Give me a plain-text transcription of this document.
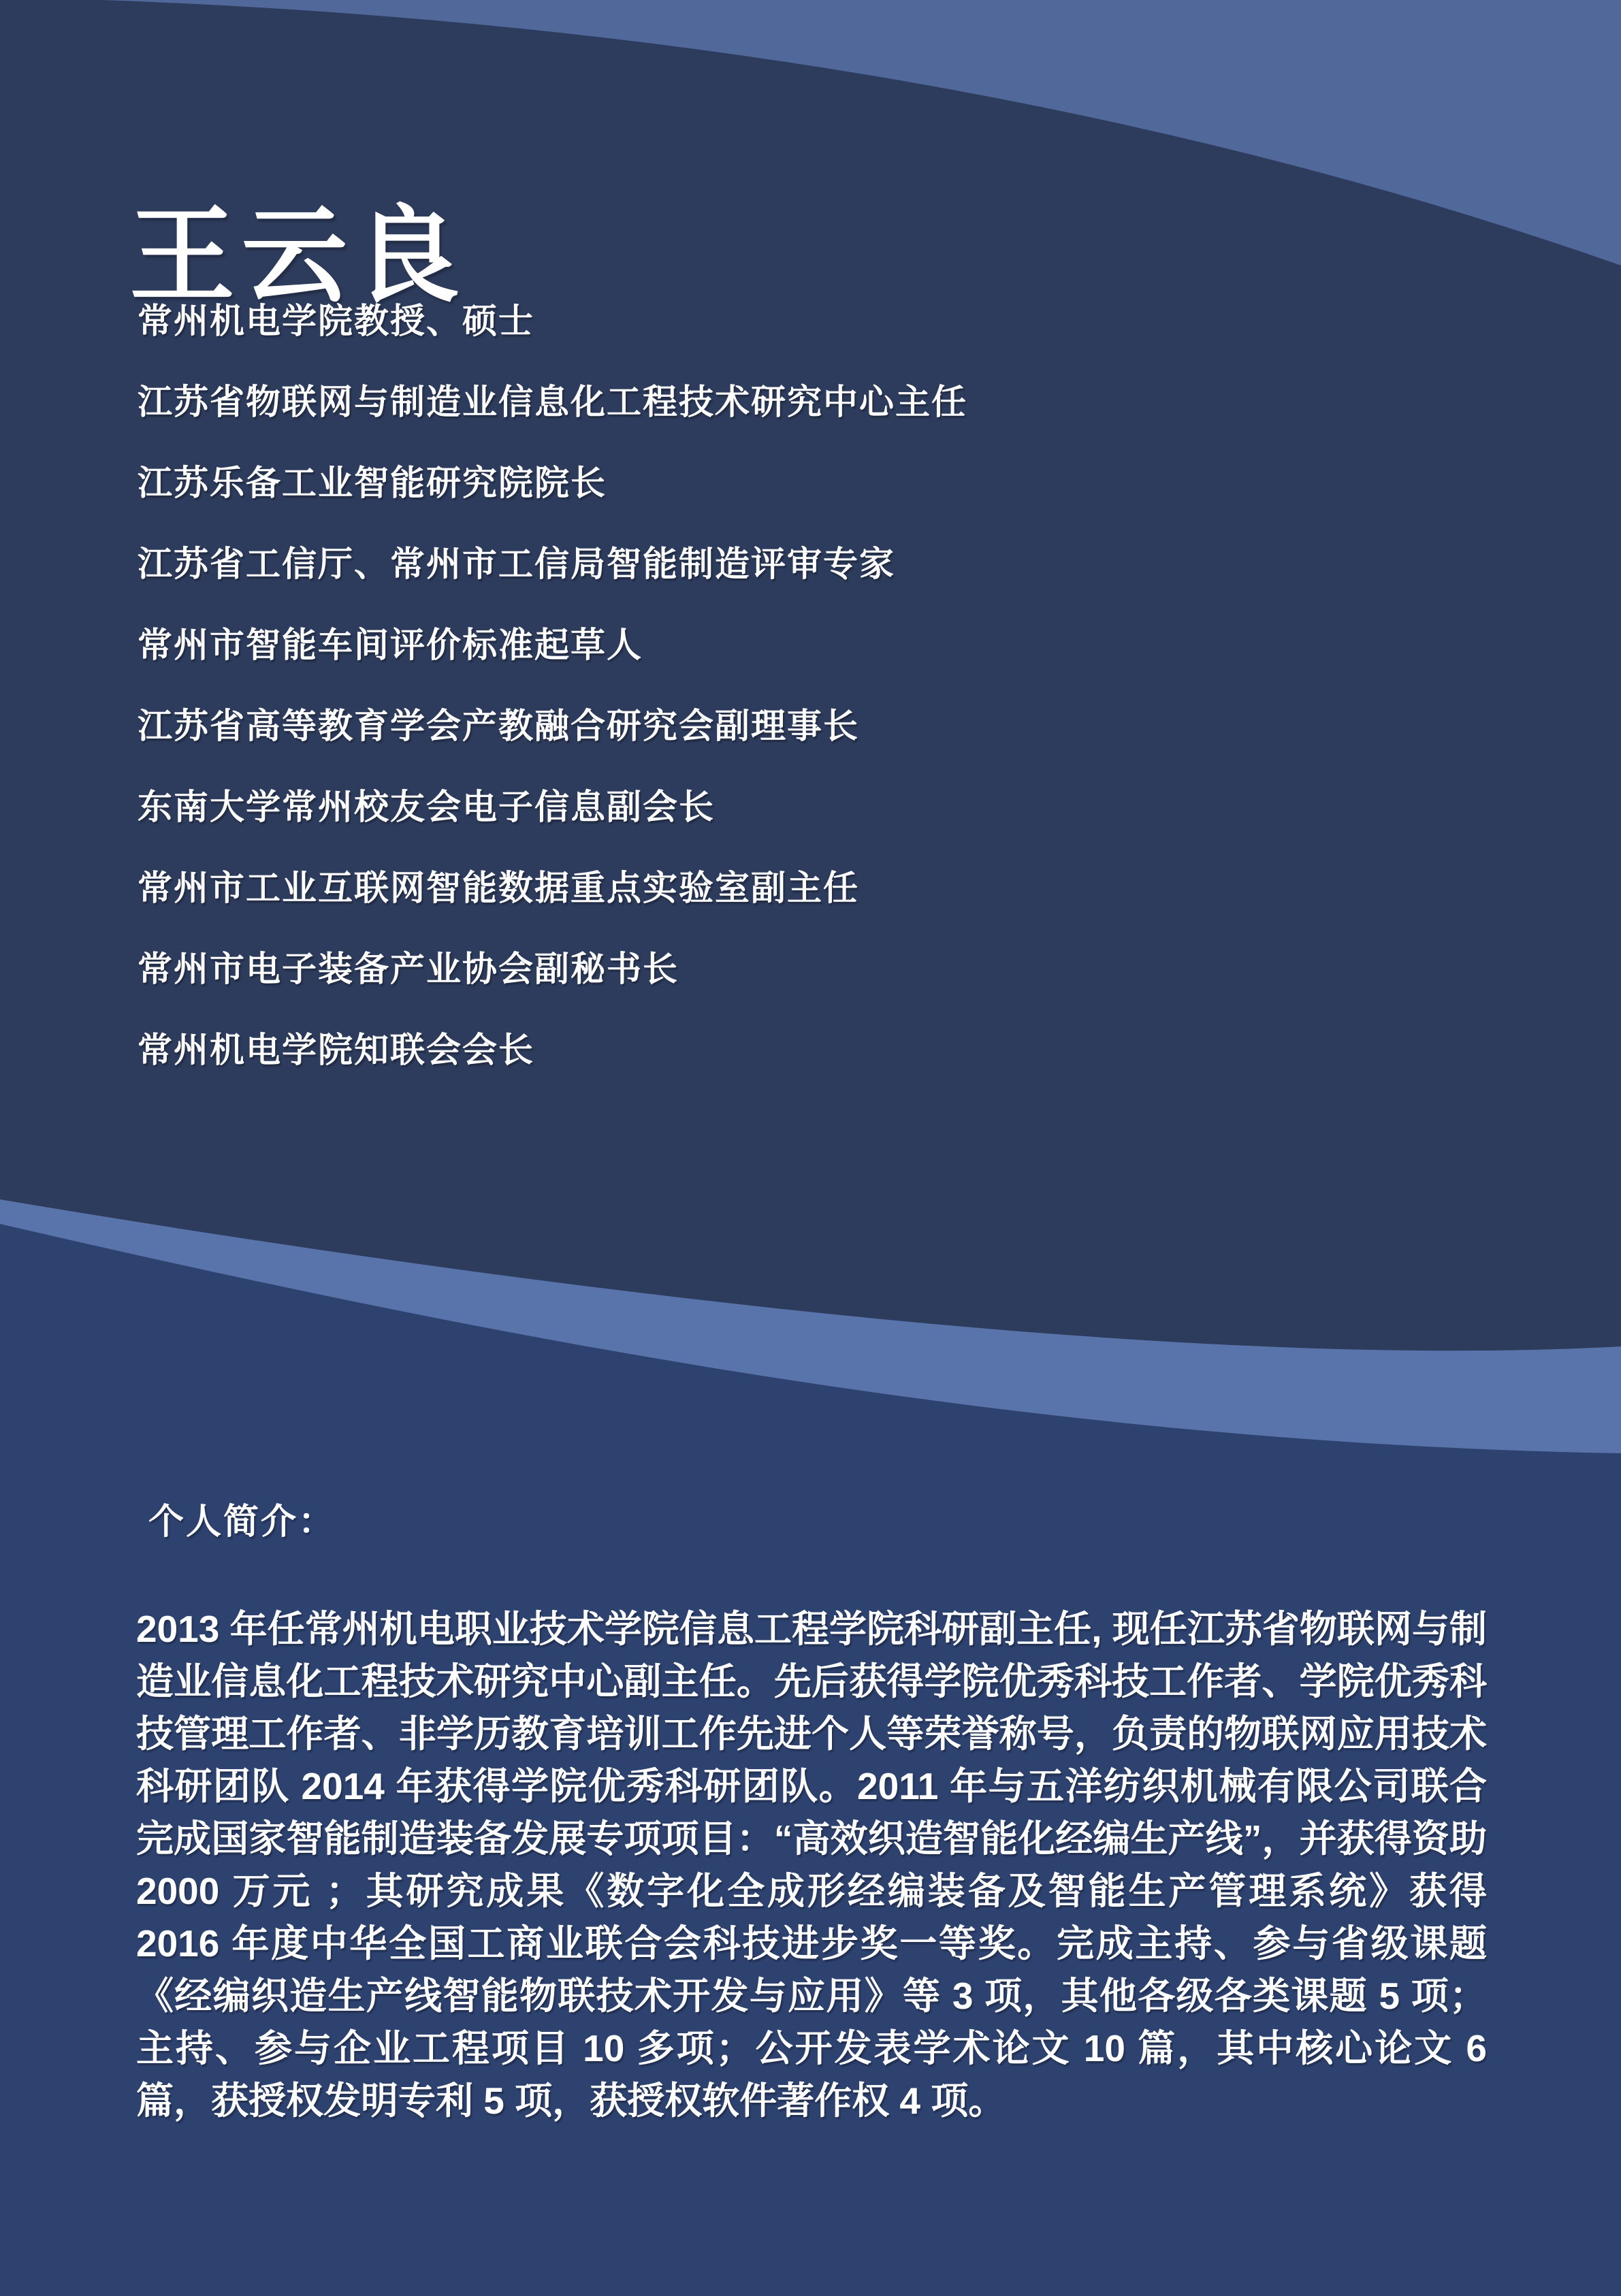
王云良
常州机电学院教授、硕士
江苏省物联网与制造业信息化工程技术研究中心主任
江苏乐备工业智能研究院院长
江苏省工信厅、常州市工信局智能制造评审专家
常州市智能车间评价标准起草人
江苏省高等教育学会产教融合研究会副理事长
东南大学常州校友会电子信息副会长
常州市工业互联网智能数据重点实验室副主任
常州市电子装备产业协会副秘书长
常州机电学院知联会会长
个人简介：

2013 年任常州机电职业技术学院信息工程学院科研副主任, 现任江苏省物联网与制造业信息化工程技术研究中心副主任。先后获得学院优秀科技工作者、学院优秀科技管理工作者、非学历教育培训工作先进个人等荣誉称号，负责的物联网应用技术科研团队 2014 年获得学院优秀科研团队。2011 年与五洋纺织机械有限公司联合完成国家智能制造装备发展专项项目：“高效织造智能化经编生产线”，并获得资助 2000 万元 ；其研究成果《数字化全成形经编装备及智能生产管理系统》获得 2016 年度中华全国工商业联合会科技进步奖一等奖。完成主持、参与省级课题《经编织造生产线智能物联技术开发与应用》等 3 项，其他各级各类课题 5 项；主持、参与企业工程项目 10 多项；公开发表学术论文 10 篇，其中核心论文 6 篇，获授权发明专利 5 项，获授权软件著作权 4 项。
